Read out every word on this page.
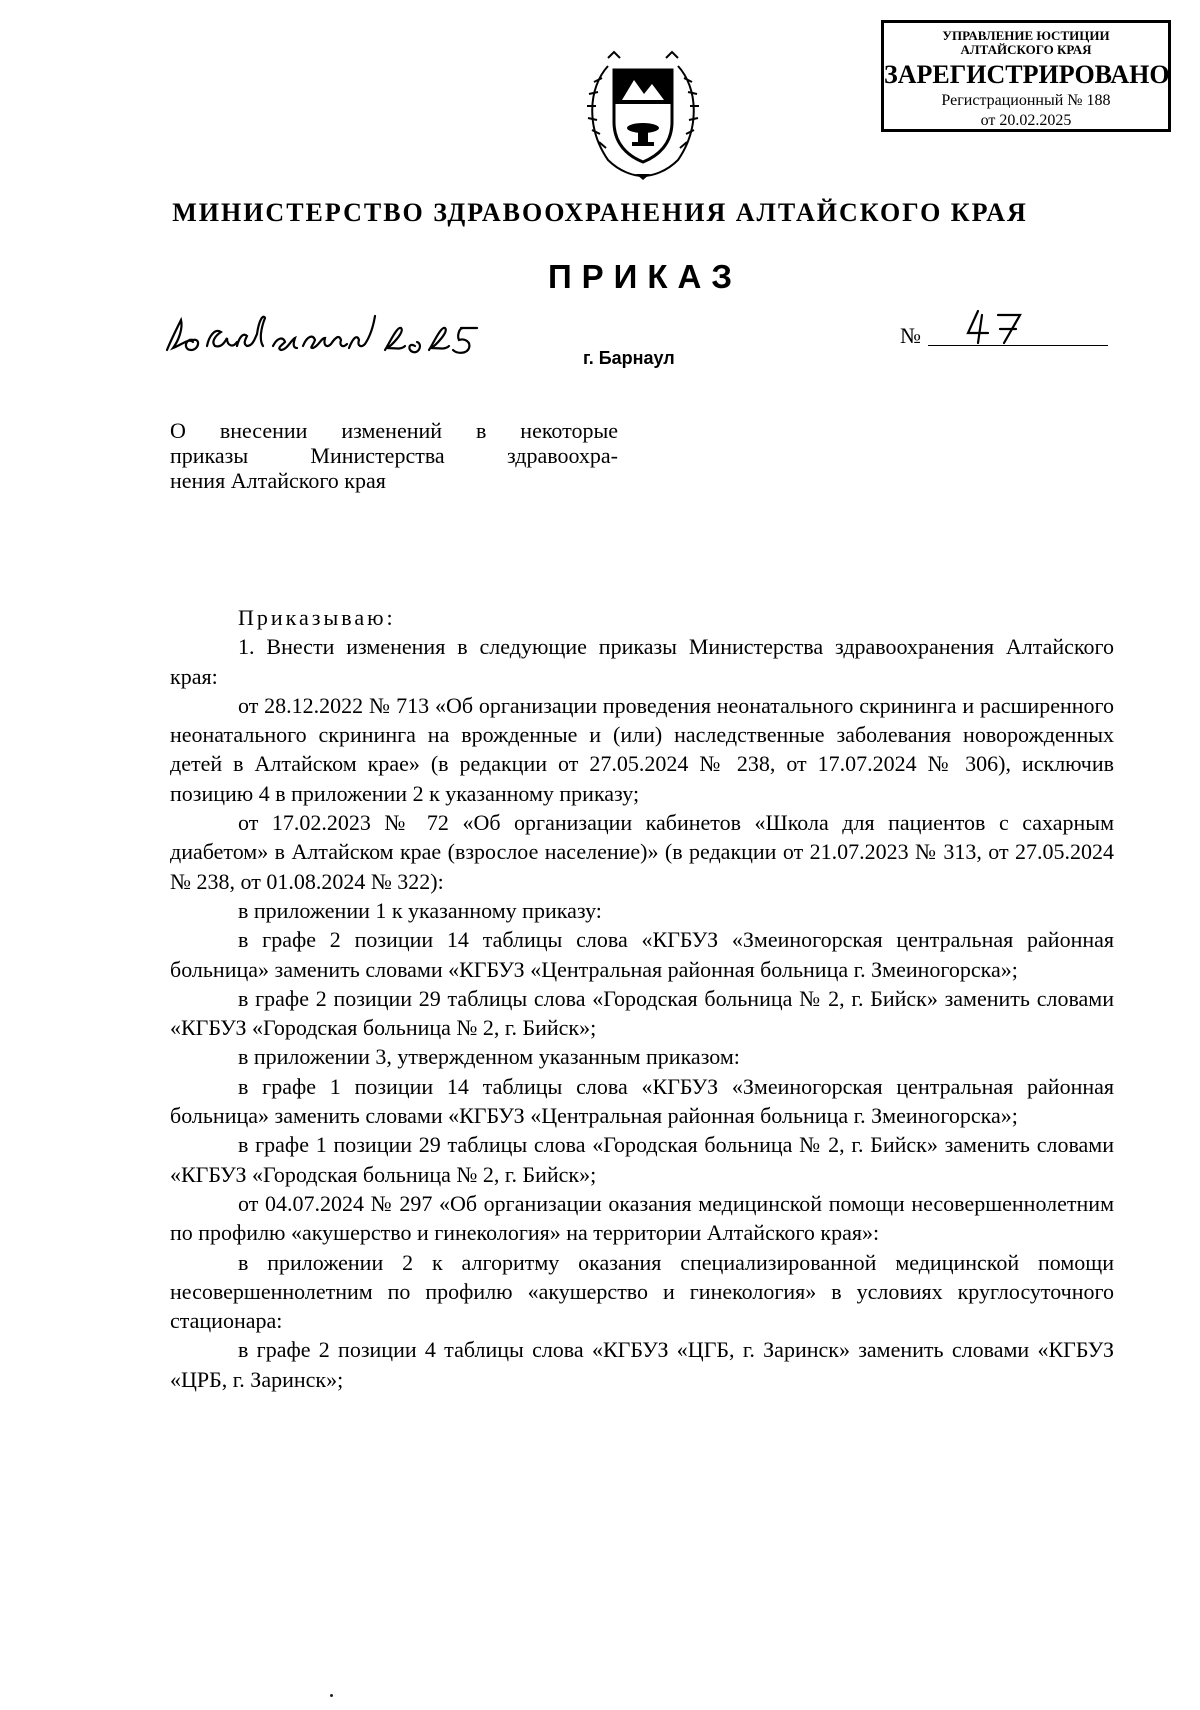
УПРАВЛЕНИЕ ЮСТИЦИИ
АЛТАЙСКОГО КРАЯ
ЗАРЕГИСТРИРОВАНО
Регистрационный № 188
от 20.02.2025
МИНИСТЕРСТВО ЗДРАВООХРАНЕНИЯ АЛТАЙСКОГО КРАЯ
ПРИКАЗ
№
г. Барнаул
О внесении изменений в некоторые
приказы Министерства здравоохра-
нения Алтайского края

Приказываю:

1. Внести изменения в следующие приказы Министерства здравоохранения Алтайского края:

от 28.12.2022 № 713 «Об организации проведения неонатального скрининга и расширенного неонатального скрининга на врожденные и (или) наследственные заболевания новорожденных детей в Алтайском крае» (в редакции от 27.05.2024 № 238, от 17.07.2024 № 306), исключив позицию 4 в приложении 2 к указанному приказу;

от 17.02.2023 № 72 «Об организации кабинетов «Школа для пациентов с сахарным диабетом» в Алтайском крае (взрослое население)» (в редакции от 21.07.2023 № 313, от 27.05.2024 № 238, от 01.08.2024 № 322):

в приложении 1 к указанному приказу:

в графе 2 позиции 14 таблицы слова «КГБУЗ «Змеиногорская центральная районная больница» заменить словами «КГБУЗ «Центральная районная больница г. Змеиногорска»;

в графе 2 позиции 29 таблицы слова «Городская больница № 2, г. Бийск» заменить словами «КГБУЗ «Городская больница № 2, г. Бийск»;

в приложении 3, утвержденном указанным приказом:

в графе 1 позиции 14 таблицы слова «КГБУЗ «Змеиногорская центральная районная больница» заменить словами «КГБУЗ «Центральная районная больница г. Змеиногорска»;

в графе 1 позиции 29 таблицы слова «Городская больница № 2, г. Бийск» заменить словами «КГБУЗ «Городская больница № 2, г. Бийск»;

от 04.07.2024 № 297 «Об организации оказания медицинской помощи несовершеннолетним по профилю «акушерство и гинекология» на территории Алтайского края»:

в приложении 2 к алгоритму оказания специализированной медицинской помощи несовершеннолетним по профилю «акушерство и гинекология» в условиях круглосуточного стационара:

в графе 2 позиции 4 таблицы слова «КГБУЗ «ЦГБ, г. Заринск» заменить словами «КГБУЗ «ЦРБ, г. Заринск»;
